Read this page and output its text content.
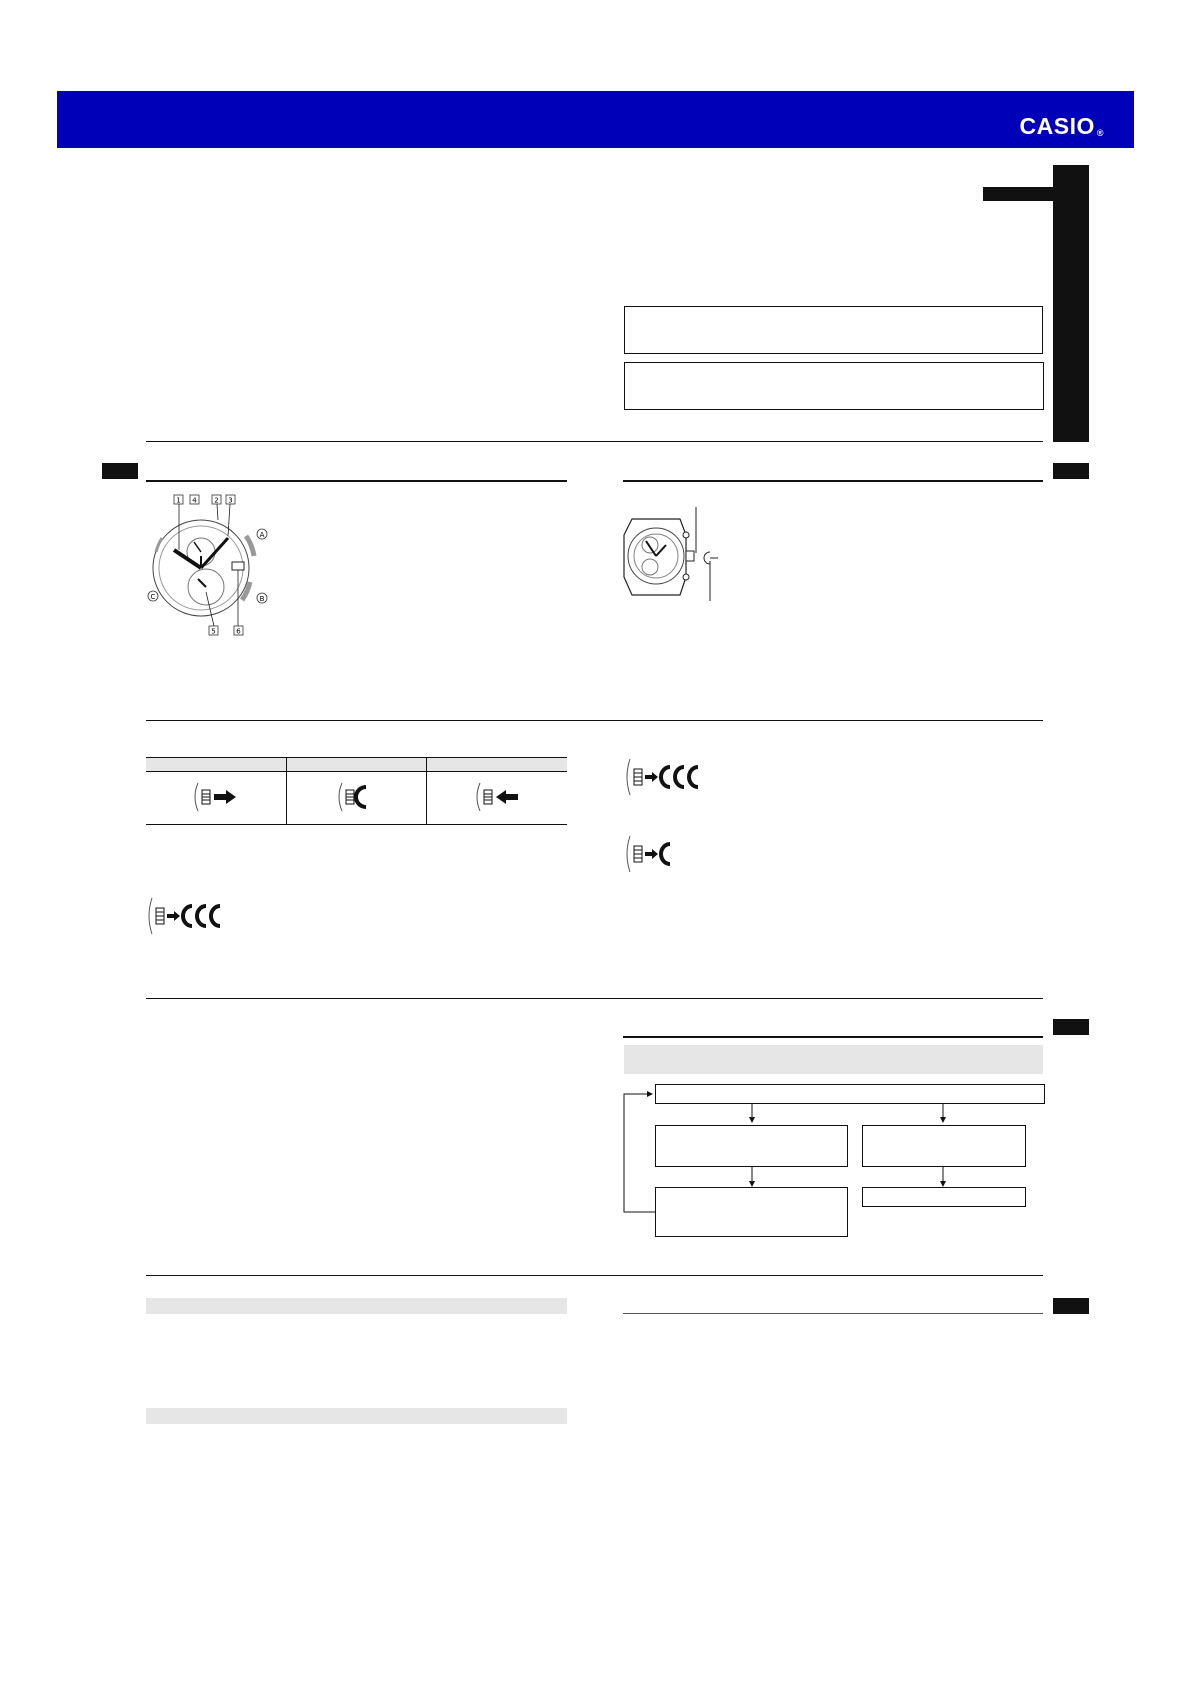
CASIO ®
A
B
C
1 4	2 3
5	6
